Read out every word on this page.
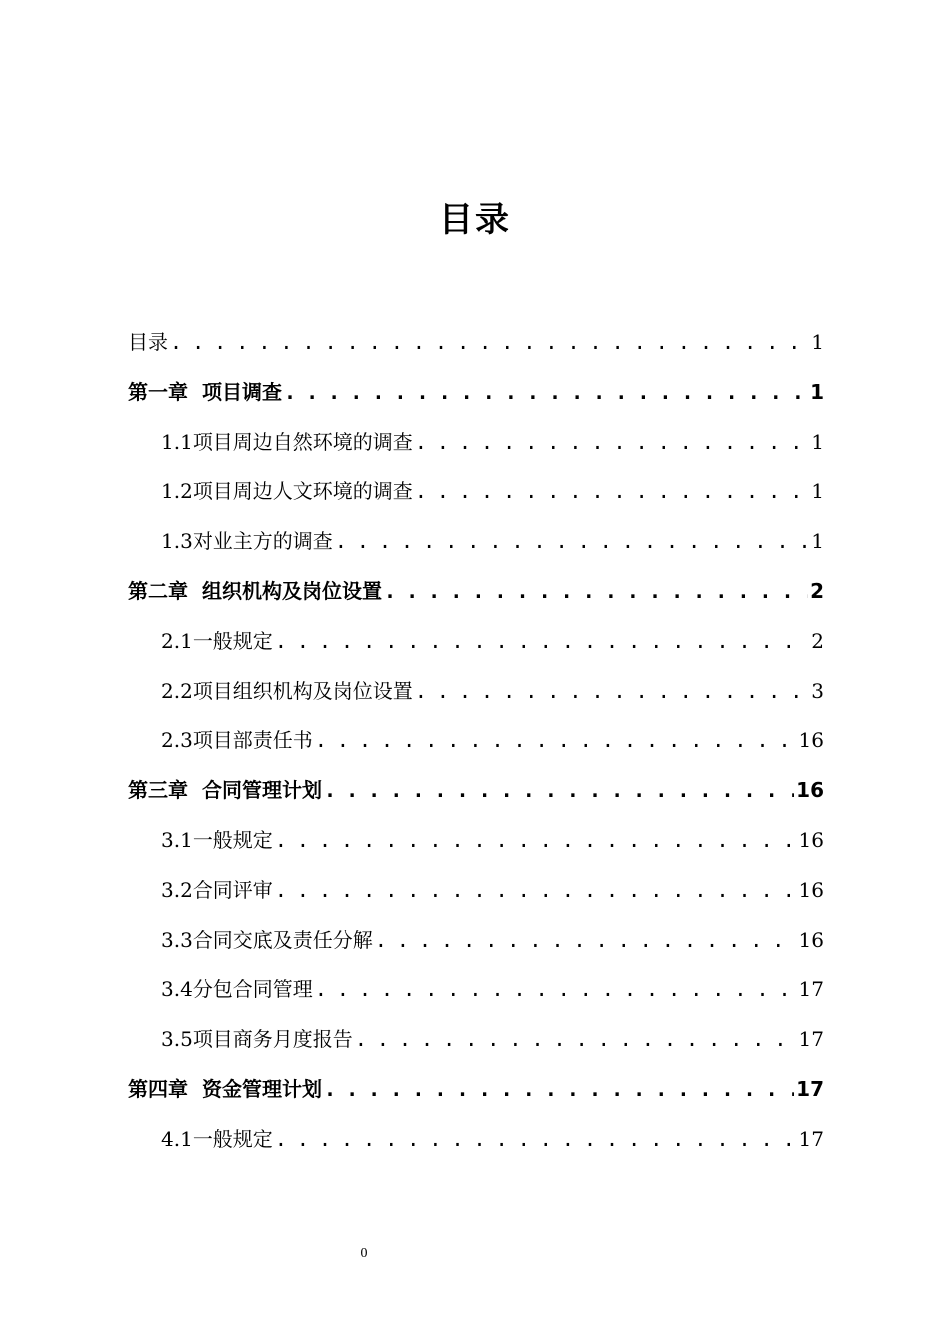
目录
目录 . . .	1
第一章 项目调查 . . .	1
1.1项目周边自然环境的调查 . . .	1
1.2项目周边人文环境的调查 . . .	1
1.3对业主方的调查 . . .	1
第二章 组织机构及岗位设置 . . .	2
2.1一般规定 . . .	2
2.2项目组织机构及岗位设置 . . .	3
2.3项目部责任书 . . .	16
第三章 合同管理计划 . . .	16
3.1一般规定 . . .	16
3.2合同评审 . . .	16
3.3合同交底及责任分解 . . .	16
3.4分包合同管理 . . .	17
3.5项目商务月度报告 . . .	17
第四章 资金管理计划 . . .	17
4.1一般规定 . . .	17
0
